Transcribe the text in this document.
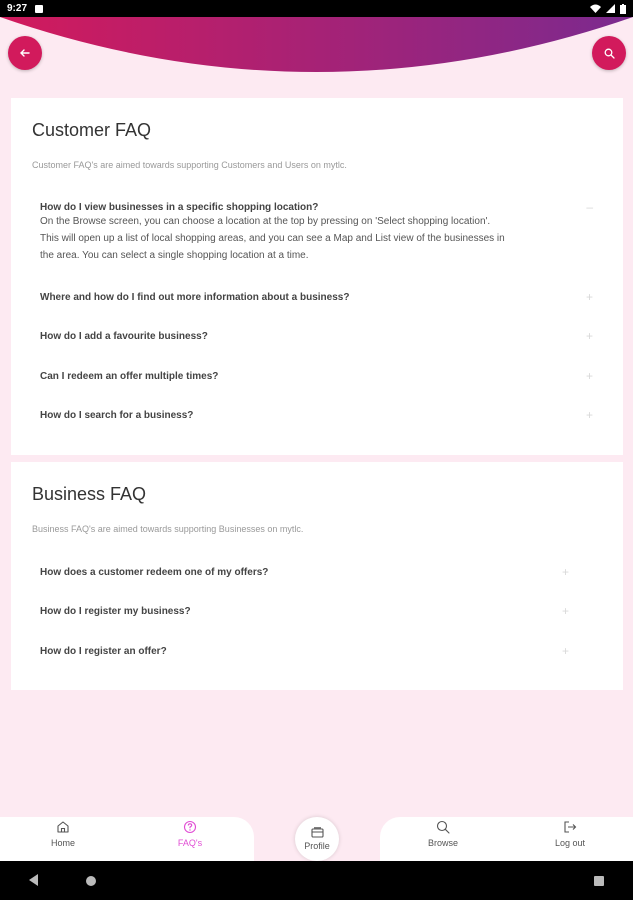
9:27
Customer FAQ
Customer FAQ's are aimed towards supporting Customers and Users on mytlc.
How do I view businesses in a specific shopping location?	–
On the Browse screen, you can choose a location at the top by pressing on 'Select shopping location'.
This will open up a list of local shopping areas, and you can see a Map and List view of the businesses in
the area. You can select a single shopping location at a time.
Where and how do I find out more information about a business?	+
How do I add a favourite business?	+
Can I redeem an offer multiple times?	+
How do I search for a business?	+
Business FAQ
Business FAQ's are aimed towards supporting Businesses on mytlc.
How does a customer redeem one of my offers?	+
How do I register my business?	+
How do I register an offer?	+
Home	FAQ's	Profile	Browse	Log out
